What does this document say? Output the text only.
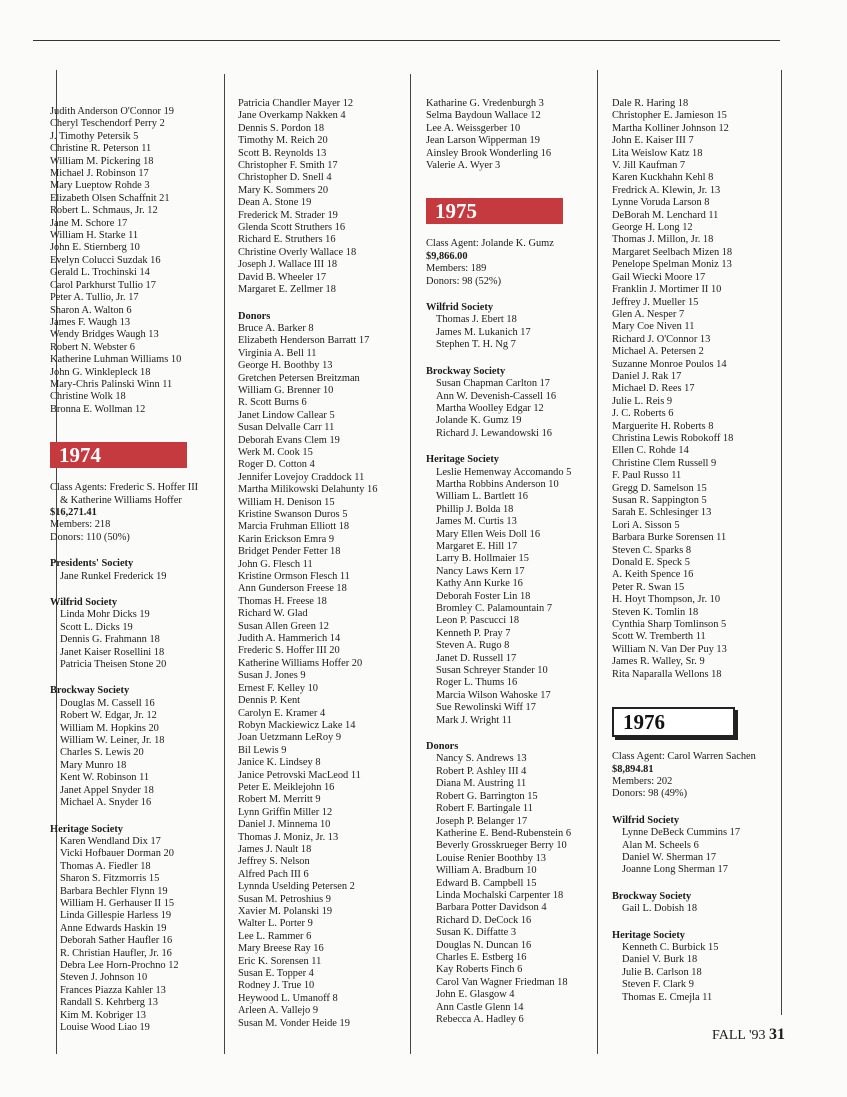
Judith Anderson O'Connor 19
Cheryl Teschendorf Perry 2
J. Timothy Petersik 5
Christine R. Peterson 11
William M. Pickering 18
Michael J. Robinson 17
Mary Lueptow Rohde 3
Elizabeth Olsen Schaffnit 21
Robert L. Schmaus, Jr. 12
Jane M. Schore 17
William H. Starke 11
John E. Stiernberg 10
Evelyn Colucci Suzdak 16
Gerald L. Trochinski 14
Carol Parkhurst Tullio 17
Peter A. Tullio, Jr. 17
Sharon A. Walton 6
James F. Waugh 13
Wendy Bridges Waugh 13
Robert N. Webster 6
Katherine Luhman Williams 10
John G. Winklepleck 18
Mary-Chris Palinski Winn 11
Christine Wolk 18
Bronna E. Wollman 12
1974
Class Agents: Frederic S. Hoffer III
& Katherine Williams Hoffer
$16,271.41
Members: 218
Donors: 110 (50%)
Presidents' Society
Jane Runkel Frederick 19
Wilfrid Society
Linda Mohr Dicks 19
Scott L. Dicks 19
Dennis G. Frahmann 18
Janet Kaiser Rosellini 18
Patricia Theisen Stone 20
Brockway Society
Douglas M. Cassell 16
Robert W. Edgar, Jr. 12
William M. Hopkins 20
William W. Leiner, Jr. 18
Charles S. Lewis 20
Mary Munro 18
Kent W. Robinson 11
Janet Appel Snyder 18
Michael A. Snyder 16
Heritage Society
Karen Wendland Dix 17
Vicki Hofbauer Dorman 20
Thomas A. Fiedler 18
Sharon S. Fitzmorris 15
Barbara Bechler Flynn 19
William H. Gerhauser II 15
Linda Gillespie Harless 19
Anne Edwards Haskin 19
Deborah Sather Haufler 16
R. Christian Haufler, Jr. 16
Debra Lee Horn-Prochno 12
Steven J. Johnson 10
Frances Piazza Kahler 13
Randall S. Kehrberg 13
Kim M. Kobriger 13
Louise Wood Liao 19
Patricia Chandler Mayer 12
Jane Overkamp Nakken 4
Dennis S. Pordon 18
Timothy M. Reich 20
Scott B. Reynolds 13
Christopher F. Smith 17
Christopher D. Snell 4
Mary K. Sommers 20
Dean A. Stone 19
Frederick M. Strader 19
Glenda Scott Struthers 16
Richard E. Struthers 16
Christine Overly Wallace 18
Joseph J. Wallace III 18
David B. Wheeler 17
Margaret E. Zellmer 18
Donors
Bruce A. Barker 8
Elizabeth Henderson Barratt 17
Virginia A. Bell 11
George H. Boothby 13
Gretchen Petersen Breitzman
William G. Brenner 10
R. Scott Burns 6
Janet Lindow Callear 5
Susan Delvalle Carr 11
Deborah Evans Clem 19
Werk M. Cook 15
Roger D. Cotton 4
Jennifer Lovejoy Craddock 11
Martha Milikowski Delahunty 16
William H. Denison 15
Kristine Swanson Duros 5
Marcia Fruhman Elliott 18
Karin Erickson Emra 9
Bridget Pender Fetter 18
John G. Flesch 11
Kristine Ormson Flesch 11
Ann Gunderson Freese 18
Thomas H. Freese 18
Richard W. Glad
Susan Allen Green 12
Judith A. Hammerich 14
Frederic S. Hoffer III 20
Katherine Williams Hoffer 20
Susan J. Jones 9
Ernest F. Kelley 10
Dennis P. Kent
Carolyn E. Kramer 4
Robyn Mackiewicz Lake 14
Joan Uetzmann LeRoy 9
Bil Lewis 9
Janice K. Lindsey 8
Janice Petrovski MacLeod 11
Peter E. Meiklejohn 16
Robert M. Merritt 9
Lynn Griffin Miller 12
Daniel J. Minnema 10
Thomas J. Moniz, Jr. 13
James J. Nault 18
Jeffrey S. Nelson
Alfred Pach III 6
Lynnda Uselding Petersen 2
Susan M. Petroshius 9
Xavier M. Polanski 19
Walter L. Porter 9
Lee L. Rammer 6
Mary Breese Ray 16
Eric K. Sorensen 11
Susan E. Topper 4
Rodney J. True 10
Heywood L. Umanoff 8
Arleen A. Vallejo 9
Susan M. Vonder Heide 19
Katharine G. Vredenburgh 3
Selma Baydoun Wallace 12
Lee A. Weissgerber 10
Jean Larson Wipperman 19
Ainsley Brook Wonderling 16
Valerie A. Wyer 3
1975
Class Agent: Jolande K. Gumz
$9,866.00
Members: 189
Donors: 98 (52%)
Wilfrid Society
Thomas J. Ebert 18
James M. Lukanich 17
Stephen T. H. Ng 7
Brockway Society
Susan Chapman Carlton 17
Ann W. Devenish-Cassell 16
Martha Woolley Edgar 12
Jolande K. Gumz 19
Richard J. Lewandowski 16
Heritage Society
Leslie Hemenway Accomando 5
Martha Robbins Anderson 10
William L. Bartlett 16
Phillip J. Bolda 18
James M. Curtis 13
Mary Ellen Weis Doll 16
Margaret E. Hill 17
Larry B. Hollmaier 15
Nancy Laws Kern 17
Kathy Ann Kurke 16
Deborah Foster Lin 18
Bromley C. Palamountain 7
Leon P. Pascucci 18
Kenneth P. Pray 7
Steven A. Rugo 8
Janet D. Russell 17
Susan Schreyer Stander 10
Roger L. Thums 16
Marcia Wilson Wahoske 17
Sue Rewolinski Wiff 17
Mark J. Wright 11
Donors
Nancy S. Andrews 13
Robert P. Ashley III 4
Diana M. Austring 11
Robert G. Barrington 15
Robert F. Bartingale 11
Joseph P. Belanger 17
Katherine E. Bend-Rubenstein 6
Beverly Grosskrueger Berry 10
Louise Renier Boothby 13
William A. Bradburn 10
Edward B. Campbell 15
Linda Mochalski Carpenter 18
Barbara Potter Davidson 4
Richard D. DeCock 16
Susan K. Diffatte 3
Douglas N. Duncan 16
Charles E. Estberg 16
Kay Roberts Finch 6
Carol Van Wagner Friedman 18
John E. Glasgow 4
Ann Castle Glenn 14
Rebecca A. Hadley 6
Dale R. Haring 18
Christopher E. Jamieson 15
Martha Kolliner Johnson 12
John E. Kaiser III 7
Lita Weislow Katz 18
V. Jill Kaufman 7
Karen Kuckhahn Kehl 8
Fredrick A. Klewin, Jr. 13
Lynne Voruda Larson 8
DeBorah M. Lenchard 11
George H. Long 12
Thomas J. Millon, Jr. 18
Margaret Seelbach Mizen 18
Penelope Spelman Moniz 13
Gail Wiecki Moore 17
Franklin J. Mortimer II 10
Jeffrey J. Mueller 15
Glen A. Nesper 7
Mary Coe Niven 11
Richard J. O'Connor 13
Michael A. Petersen 2
Suzanne Monroe Poulos 14
Daniel J. Rak 17
Michael D. Rees 17
Julie L. Reis 9
J. C. Roberts 6
Marguerite H. Roberts 8
Christina Lewis Robokoff 18
Ellen C. Rohde 14
Christine Clem Russell 9
F. Paul Russo 11
Gregg D. Samelson 15
Susan R. Sappington 5
Sarah E. Schlesinger 13
Lori A. Sisson 5
Barbara Burke Sorensen 11
Steven C. Sparks 8
Donald E. Speck 5
A. Keith Spence 16
Peter R. Swan 15
H. Hoyt Thompson, Jr. 10
Steven K. Tomlin 18
Cynthia Sharp Tomlinson 5
Scott W. Tremberth 11
William N. Van Der Puy 13
James R. Walley, Sr. 9
Rita Naparalla Wellons 18
1976
Class Agent: Carol Warren Sachen
$8,894.81
Members: 202
Donors: 98 (49%)
Wilfrid Society
Lynne DeBeck Cummins 17
Alan M. Scheels 6
Daniel W. Sherman 17
Joanne Long Sherman 17
Brockway Society
Gail L. Dobish 18
Heritage Society
Kenneth C. Burbick 15
Daniel V. Burk 18
Julie B. Carlson 18
Steven F. Clark 9
Thomas E. Cmejla 11
FALL '93 31
